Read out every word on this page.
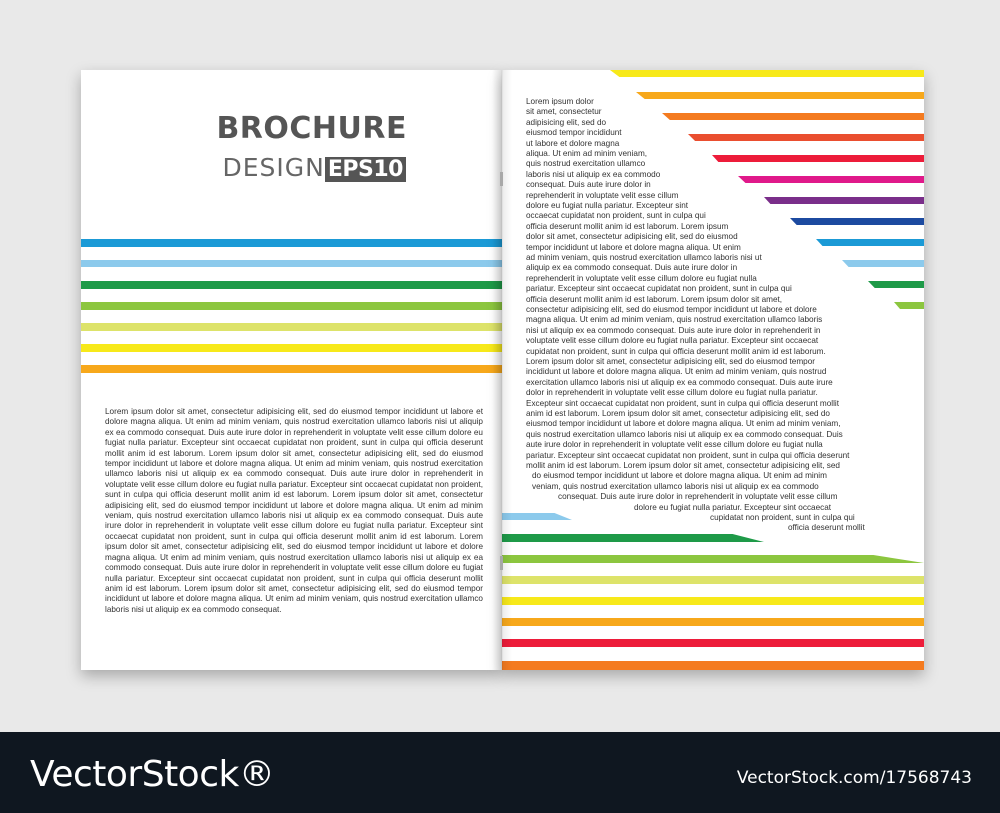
BROCHURE
DESIGN EPS10

Lorem ipsum dolor sit amet, consectetur adipisicing elit, sed do eiusmod tempor incididunt ut labore et dolore magna aliqua. Ut enim ad minim veniam, quis nostrud exercitation ullamco laboris nisi ut aliquip ex ea commodo consequat. Duis aute irure dolor in reprehenderit in voluptate velit esse cillum dolore eu fugiat nulla pariatur. Excepteur sint occaecat cupidatat non proident, sunt in culpa qui officia deserunt mollit anim id est laborum. Lorem ipsum dolor sit amet, consectetur adipisicing elit, sed do eiusmod tempor incididunt ut labore et dolore magna aliqua. Ut enim ad minim veniam, quis nostrud exercitation ullamco laboris nisi ut aliquip ex ea commodo consequat. Duis aute irure dolor in reprehenderit in voluptate velit esse cillum dolore eu fugiat nulla pariatur. Excepteur sint occaecat cupidatat non proident, sunt in culpa qui officia deserunt mollit anim id est laborum. Lorem ipsum dolor sit amet, consectetur adipisicing elit, sed do eiusmod tempor incididunt ut labore et dolore magna aliqua. Ut enim ad minim veniam, quis nostrud exercitation ullamco laboris nisi ut aliquip ex ea commodo consequat. Duis aute irure dolor in reprehenderit in voluptate velit esse cillum dolore eu fugiat nulla pariatur. Excepteur sint occaecat cupidatat non proident, sunt in culpa qui officia deserunt mollit anim id est laborum. Lorem ipsum dolor sit amet, consectetur adipisicing elit, sed do eiusmod tempor incididunt ut labore et dolore magna aliqua. Ut enim ad minim veniam, quis nostrud exercitation ullamco laboris nisi ut aliquip ex ea commodo consequat. Duis aute irure dolor in reprehenderit in voluptate velit esse cillum dolore eu fugiat nulla pariatur. Excepteur sint occaecat cupidatat non proident, sunt in culpa qui officia deserunt mollit anim id est laborum. Lorem ipsum dolor sit amet, consectetur adipisicing elit, sed do eiusmod tempor incididunt ut labore et dolore magna aliqua. Ut enim ad minim veniam, quis nostrud exercitation ullamco laboris nisi ut aliquip ex ea commodo consequat.

Lorem ipsum dolor
sit amet, consectetur
adipisicing elit, sed do
eiusmod tempor incididunt
ut labore et dolore magna
aliqua. Ut enim ad minim veniam,
quis nostrud exercitation ullamco
laboris nisi ut aliquip ex ea commodo
consequat. Duis aute irure dolor in
reprehenderit in voluptate velit esse cillum
dolore eu fugiat nulla pariatur. Excepteur sint
occaecat cupidatat non proident, sunt in culpa qui
officia deserunt mollit anim id est laborum. Lorem ipsum
dolor sit amet, consectetur adipisicing elit, sed do eiusmod
tempor incididunt ut labore et dolore magna aliqua. Ut enim
ad minim veniam, quis nostrud exercitation ullamco laboris nisi ut
aliquip ex ea commodo consequat. Duis aute irure dolor in
reprehenderit in voluptate velit esse cillum dolore eu fugiat nulla
pariatur. Excepteur sint occaecat cupidatat non proident, sunt in culpa qui
officia deserunt mollit anim id est laborum. Lorem ipsum dolor sit amet,
consectetur adipisicing elit, sed do eiusmod tempor incididunt ut labore et dolore
magna aliqua. Ut enim ad minim veniam, quis nostrud exercitation ullamco laboris
nisi ut aliquip ex ea commodo consequat. Duis aute irure dolor in reprehenderit in
voluptate velit esse cillum dolore eu fugiat nulla pariatur. Excepteur sint occaecat
cupidatat non proident, sunt in culpa qui officia deserunt mollit anim id est laborum.
Lorem ipsum dolor sit amet, consectetur adipisicing elit, sed do eiusmod tempor
incididunt ut labore et dolore magna aliqua. Ut enim ad minim veniam, quis nostrud
exercitation ullamco laboris nisi ut aliquip ex ea commodo consequat. Duis aute irure
dolor in reprehenderit in voluptate velit esse cillum dolore eu fugiat nulla pariatur.
Excepteur sint occaecat cupidatat non proident, sunt in culpa qui officia deserunt mollit
anim id est laborum. Lorem ipsum dolor sit amet, consectetur adipisicing elit, sed do
eiusmod tempor incididunt ut labore et dolore magna aliqua. Ut enim ad minim veniam,
quis nostrud exercitation ullamco laboris nisi ut aliquip ex ea commodo consequat. Duis
aute irure dolor in reprehenderit in voluptate velit esse cillum dolore eu fugiat nulla
pariatur. Excepteur sint occaecat cupidatat non proident, sunt in culpa qui officia deserunt
mollit anim id est laborum. Lorem ipsum dolor sit amet, consectetur adipisicing elit, sed
do eiusmod tempor incididunt ut labore et dolore magna aliqua. Ut enim ad minim
veniam, quis nostrud exercitation ullamco laboris nisi ut aliquip ex ea commodo
consequat. Duis aute irure dolor in reprehenderit in voluptate velit esse cillum
dolore eu fugiat nulla pariatur. Excepteur sint occaecat
cupidatat non proident, sunt in culpa qui
officia deserunt mollit
VectorStock®	VectorStock.com/17568743
